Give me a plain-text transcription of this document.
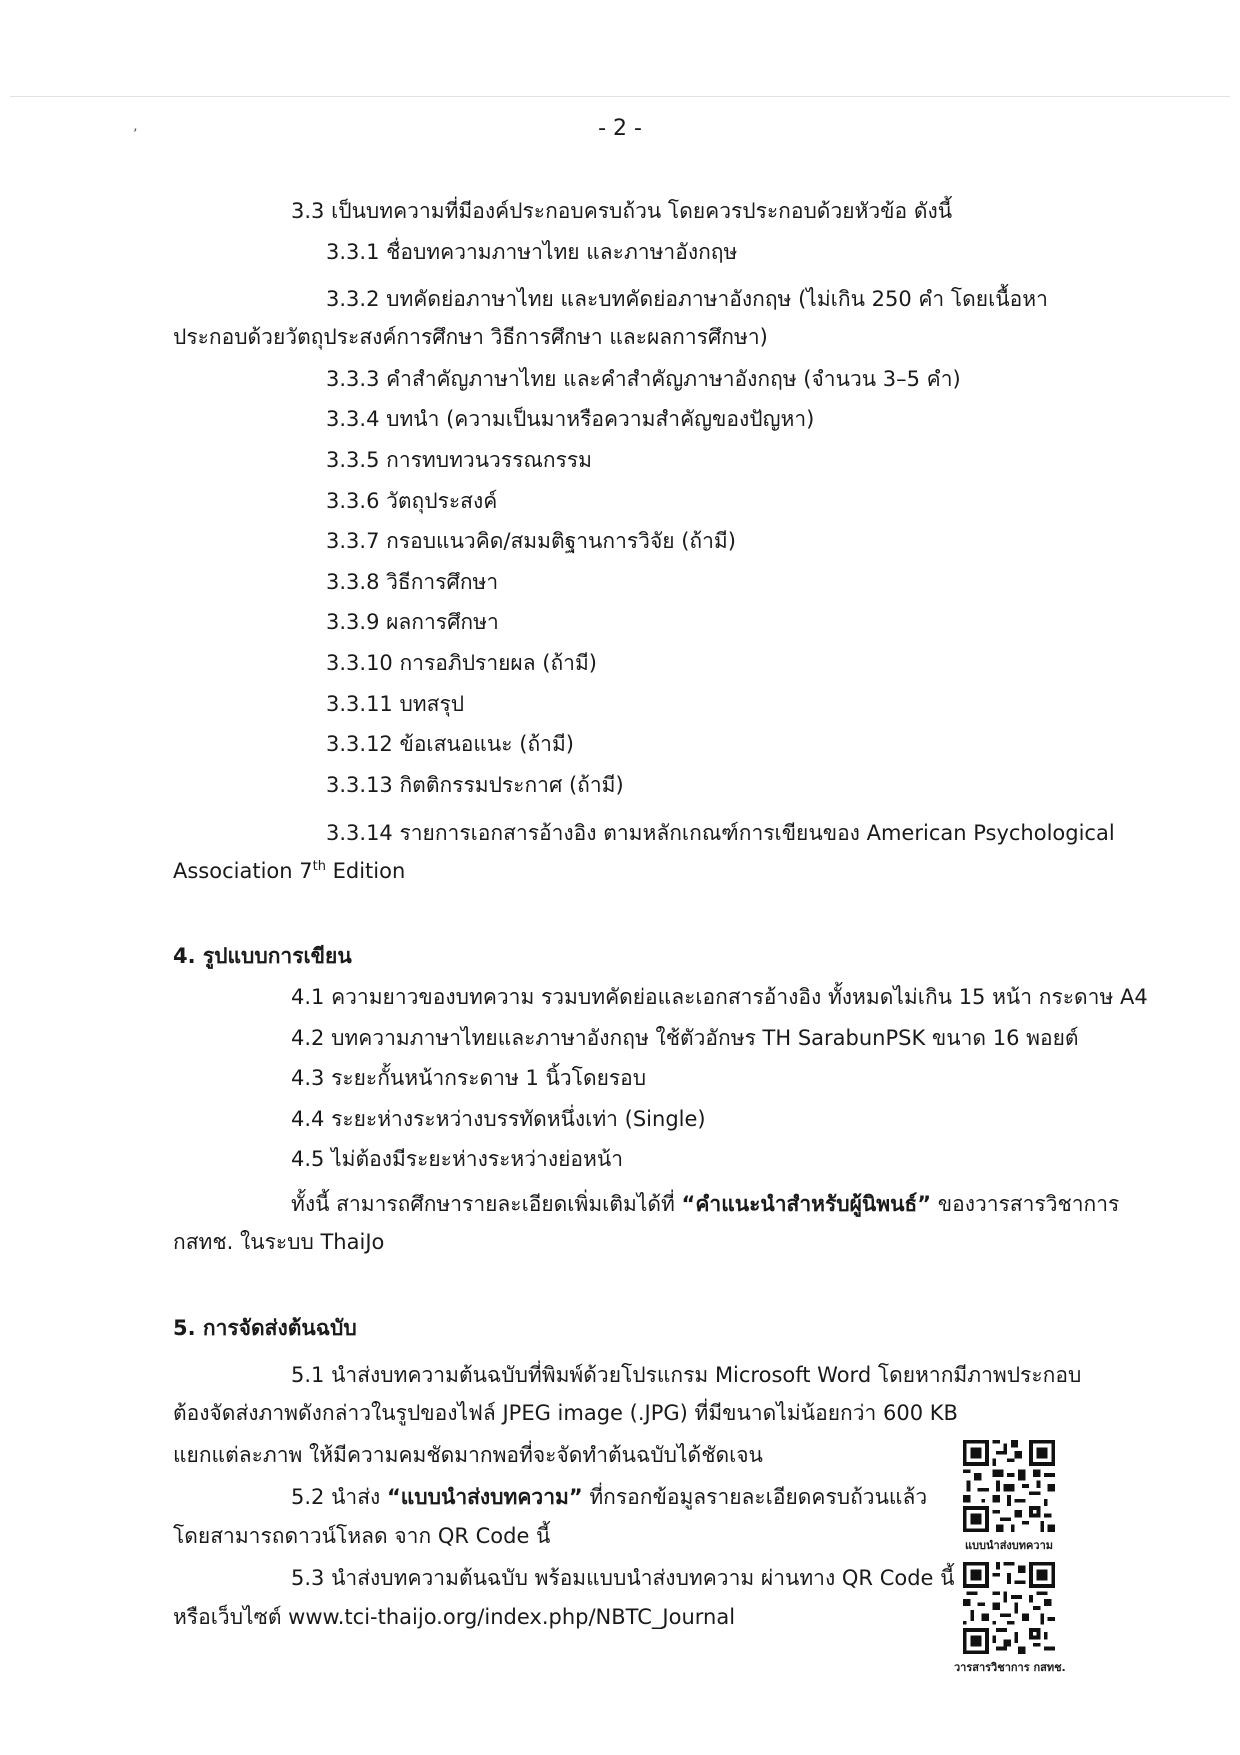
’	- 2 -
3.3 เป็นบทความที่มีองค์ประกอบครบถ้วน โดยควรประกอบด้วยหัวข้อ ดังนี้
3.3.1 ชื่อบทความภาษาไทย และภาษาอังกฤษ
3.3.2 บทคัดย่อภาษาไทย และบทคัดย่อภาษาอังกฤษ (ไม่เกิน 250 คำ โดยเนื้อหา
ประกอบด้วยวัตถุประสงค์การศึกษา วิธีการศึกษา และผลการศึกษา)
3.3.3 คำสำคัญภาษาไทย และคำสำคัญภาษาอังกฤษ (จำนวน 3–5 คำ)
3.3.4 บทนำ (ความเป็นมาหรือความสำคัญของปัญหา)
3.3.5 การทบทวนวรรณกรรม
3.3.6 วัตถุประสงค์
3.3.7 กรอบแนวคิด/สมมติฐานการวิจัย (ถ้ามี)
3.3.8 วิธีการศึกษา
3.3.9 ผลการศึกษา
3.3.10 การอภิปรายผล (ถ้ามี)
3.3.11 บทสรุป
3.3.12 ข้อเสนอแนะ (ถ้ามี)
3.3.13 กิตติกรรมประกาศ (ถ้ามี)
3.3.14 รายการเอกสารอ้างอิง ตามหลักเกณฑ์การเขียนของ American Psychological
Association 7th Edition
4. รูปแบบการเขียน
4.1 ความยาวของบทความ รวมบทคัดย่อและเอกสารอ้างอิง ทั้งหมดไม่เกิน 15 หน้า กระดาษ A4
4.2 บทความภาษาไทยและภาษาอังกฤษ ใช้ตัวอักษร TH SarabunPSK ขนาด 16 พอยต์
4.3 ระยะกั้นหน้ากระดาษ 1 นิ้วโดยรอบ
4.4 ระยะห่างระหว่างบรรทัดหนึ่งเท่า (Single)
4.5 ไม่ต้องมีระยะห่างระหว่างย่อหน้า
ทั้งนี้ สามารถศึกษารายละเอียดเพิ่มเติมได้ที่ “คำแนะนำสำหรับผู้นิพนธ์” ของวารสารวิชาการ
กสทช. ในระบบ ThaiJo
5. การจัดส่งต้นฉบับ
5.1 นำส่งบทความต้นฉบับที่พิมพ์ด้วยโปรแกรม Microsoft Word โดยหากมีภาพประกอบ
ต้องจัดส่งภาพดังกล่าวในรูปของไฟล์ JPEG image (.JPG) ที่มีขนาดไม่น้อยกว่า 600 KB
แยกแต่ละภาพ ให้มีความคมชัดมากพอที่จะจัดทำต้นฉบับได้ชัดเจน
5.2 นำส่ง “แบบนำส่งบทความ” ที่กรอกข้อมูลรายละเอียดครบถ้วนแล้ว
โดยสามารถดาวน์โหลด จาก QR Code นี้
5.3 นำส่งบทความต้นฉบับ พร้อมแบบนำส่งบทความ ผ่านทาง QR Code นี้
หรือเว็บไซต์ www.tci-thaijo.org/index.php/NBTC_Journal
แบบนำส่งบทความ
วารสารวิชาการ กสทช.
